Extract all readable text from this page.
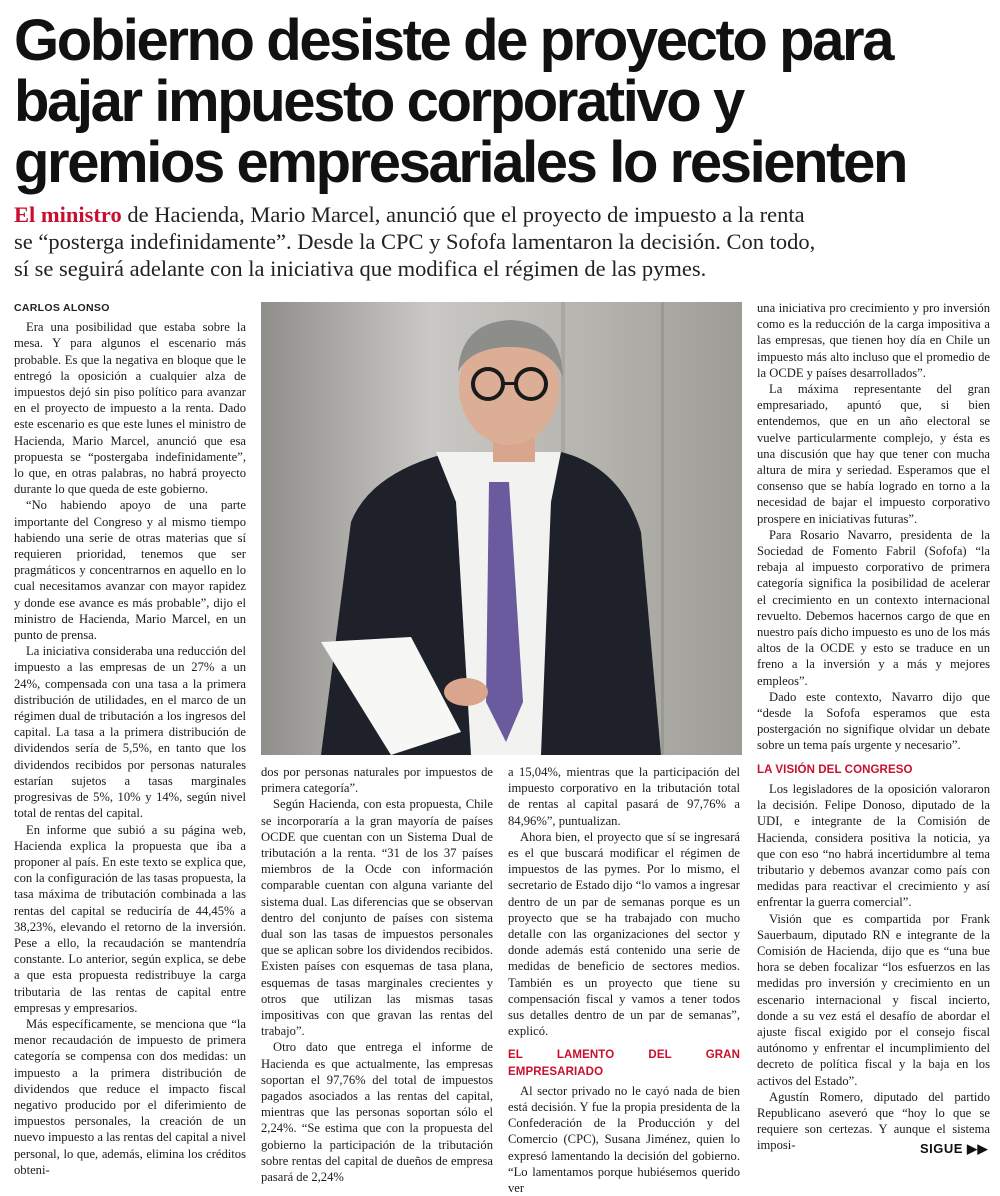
Gobierno desiste de proyecto para
bajar impuesto corporativo y
gremios empresariales lo resienten
El ministro de Hacienda, Mario Marcel, anunció que el proyecto de impuesto a la renta
se “posterga indefinidamente”. Desde la CPC y Sofofa lamentaron la decisión. Con todo,
sí se seguirá adelante con la iniciativa que modifica el régimen de las pymes.
CARLOS ALONSO

Era una posibilidad que estaba sobre la mesa. Y para algunos el escenario más probable. Es que la negativa en bloque que le entregó la oposición a cualquier alza de impuestos dejó sin piso político para avanzar en el proyecto de impuesto a la renta. Dado este escenario es que este lunes el ministro de Hacienda, Mario Marcel, anunció que esa propuesta se “postergaba indefinidamente”, lo que, en otras palabras, no habrá proyecto durante lo que queda de este gobierno.

“No habiendo apoyo de una parte importante del Congreso y al mismo tiempo habiendo una serie de otras materias que sí requieren prioridad, tenemos que ser pragmáticos y concentrarnos en aquello en lo cual necesitamos avanzar con mayor rapidez y donde ese avance es más probable”, dijo el ministro de Hacienda, Mario Marcel, en un punto de prensa.

La iniciativa consideraba una reducción del impuesto a las empresas de un 27% a un 24%, compensada con una tasa a la primera distribución de utilidades, en el marco de un régimen dual de tributación a los ingresos del capital. La tasa a la primera distribución de dividendos sería de 5,5%, en tanto que los dividendos recibidos por personas naturales estarían sujetos a tasas marginales progresivas de 5%, 10% y 14%, según nivel total de rentas del capital.

En informe que subió a su página web, Hacienda explica la propuesta que iba a proponer al país. En este texto se explica que, con la configuración de las tasas propuesta, la tasa máxima de tributación combinada a las rentas del capital se reduciría de 44,45% a 38,23%, elevando el retorno de la inversión. Pese a ello, la recaudación se mantendría constante. Lo anterior, según explica, se debe a que esta propuesta redistribuye la carga tributaria de las rentas de capital entre empresas y empresarios.

Más específicamente, se menciona que “la menor recaudación de impuesto de primera categoría se compensa con dos medidas: un impuesto a la primera distribución de dividendos que reduce el impacto fiscal negativo producido por el diferimiento de impuestos personales, la creación de un nuevo impuesto a las rentas del capital a nivel personal, lo que, además, elimina los créditos obteni-

dos por personas naturales por impuestos de primera categoría”.

Según Hacienda, con esta propuesta, Chile se incorporaría a la gran mayoría de países OCDE que cuentan con un Sistema Dual de tributación a la renta. “31 de los 37 países miembros de la Ocde con información comparable cuentan con alguna variante del sistema dual. Las diferencias que se observan dentro del conjunto de países con sistema dual son las tasas de impuestos personales que se aplican sobre los dividendos recibidos. Existen países con esquemas de tasa plana, esquemas de tasas marginales crecientes y otros que utilizan las mismas tasas impositivas con que gravan las rentas del trabajo”.

Otro dato que entrega el informe de Hacienda es que actualmente, las empresas soportan el 97,76% del total de impuestos pagados asociados a las rentas del capital, mientras que las personas soportan sólo el 2,24%. “Se estima que con la propuesta del gobierno la participación de la tributación sobre rentas del capital de dueños de empresa pasará de 2,24%

a 15,04%, mientras que la participación del impuesto corporativo en la tributación total de rentas al capital pasará de 97,76% a 84,96%”, puntualizan.

Ahora bien, el proyecto que sí se ingresará es el que buscará modificar el régimen de impuestos de las pymes. Por lo mismo, el secretario de Estado dijo “lo vamos a ingresar dentro de un par de semanas porque es un proyecto que se ha trabajado con mucho detalle con las organizaciones del sector y donde además está contenido una serie de medidas de beneficio de sectores medios. También es un proyecto que tiene su compensación fiscal y vamos a tener todos sus detalles dentro de un par de semanas”, explicó.

EL LAMENTO DEL GRAN EMPRESARIADO

Al sector privado no le cayó nada de bien está decisión. Y fue la propia presidenta de la Confederación de la Producción y del Comercio (CPC), Susana Jiménez, quien lo expresó lamentando la decisión del gobierno. “Lo lamentamos porque hubiésemos querido ver

una iniciativa pro crecimiento y pro inversión como es la reducción de la carga impositiva a las empresas, que tienen hoy día en Chile un impuesto más alto incluso que el promedio de la OCDE y países desarrollados”.

La máxima representante del gran empresariado, apuntó que, si bien entendemos, que en un año electoral se vuelve particularmente complejo, y ésta es una discusión que hay que tener con mucha altura de mira y seriedad. Esperamos que el consenso que se había logrado en torno a la necesidad de bajar el impuesto corporativo prospere en iniciativas futuras”.

Para Rosario Navarro, presidenta de la Sociedad de Fomento Fabril (Sofofa) “la rebaja al impuesto corporativo de primera categoría significa la posibilidad de acelerar el crecimiento en un contexto internacional revuelto. Debemos hacernos cargo de que en nuestro país dicho impuesto es uno de los más altos de la OCDE y esto se traduce en un freno a la inversión y a más y mejores empleos”.

Dado este contexto, Navarro dijo que “desde la Sofofa esperamos que esta postergación no signifique olvidar un debate sobre un tema país urgente y necesario”.

LA VISIÓN DEL CONGRESO

Los legisladores de la oposición valoraron la decisión. Felipe Donoso, diputado de la UDI, e integrante de la Comisión de Hacienda, considera positiva la noticia, ya que con eso “no habrá incertidumbre al tema tributario y debemos avanzar como país con medidas para reactivar el crecimiento y así enfrentar la guerra comercial”.

Visión que es compartida por Frank Sauerbaum, diputado RN e integrante de la Comisión de Hacienda, dijo que es “una bue hora se deben focalizar “los esfuerzos en las medidas pro inversión y crecimiento en un escenario internacional y fiscal incierto, donde a su vez está el desafío de abordar el ajuste fiscal exigido por el consejo fiscal autónomo y enfrentar el incumplimiento del decreto de política fiscal y la baja en los activos del Estado”.

Agustín Romero, diputado del partido Republicano aseveró que “hoy lo que se requiere son certezas. Y aunque el sistema imposi-	SIGUE ▶▶
